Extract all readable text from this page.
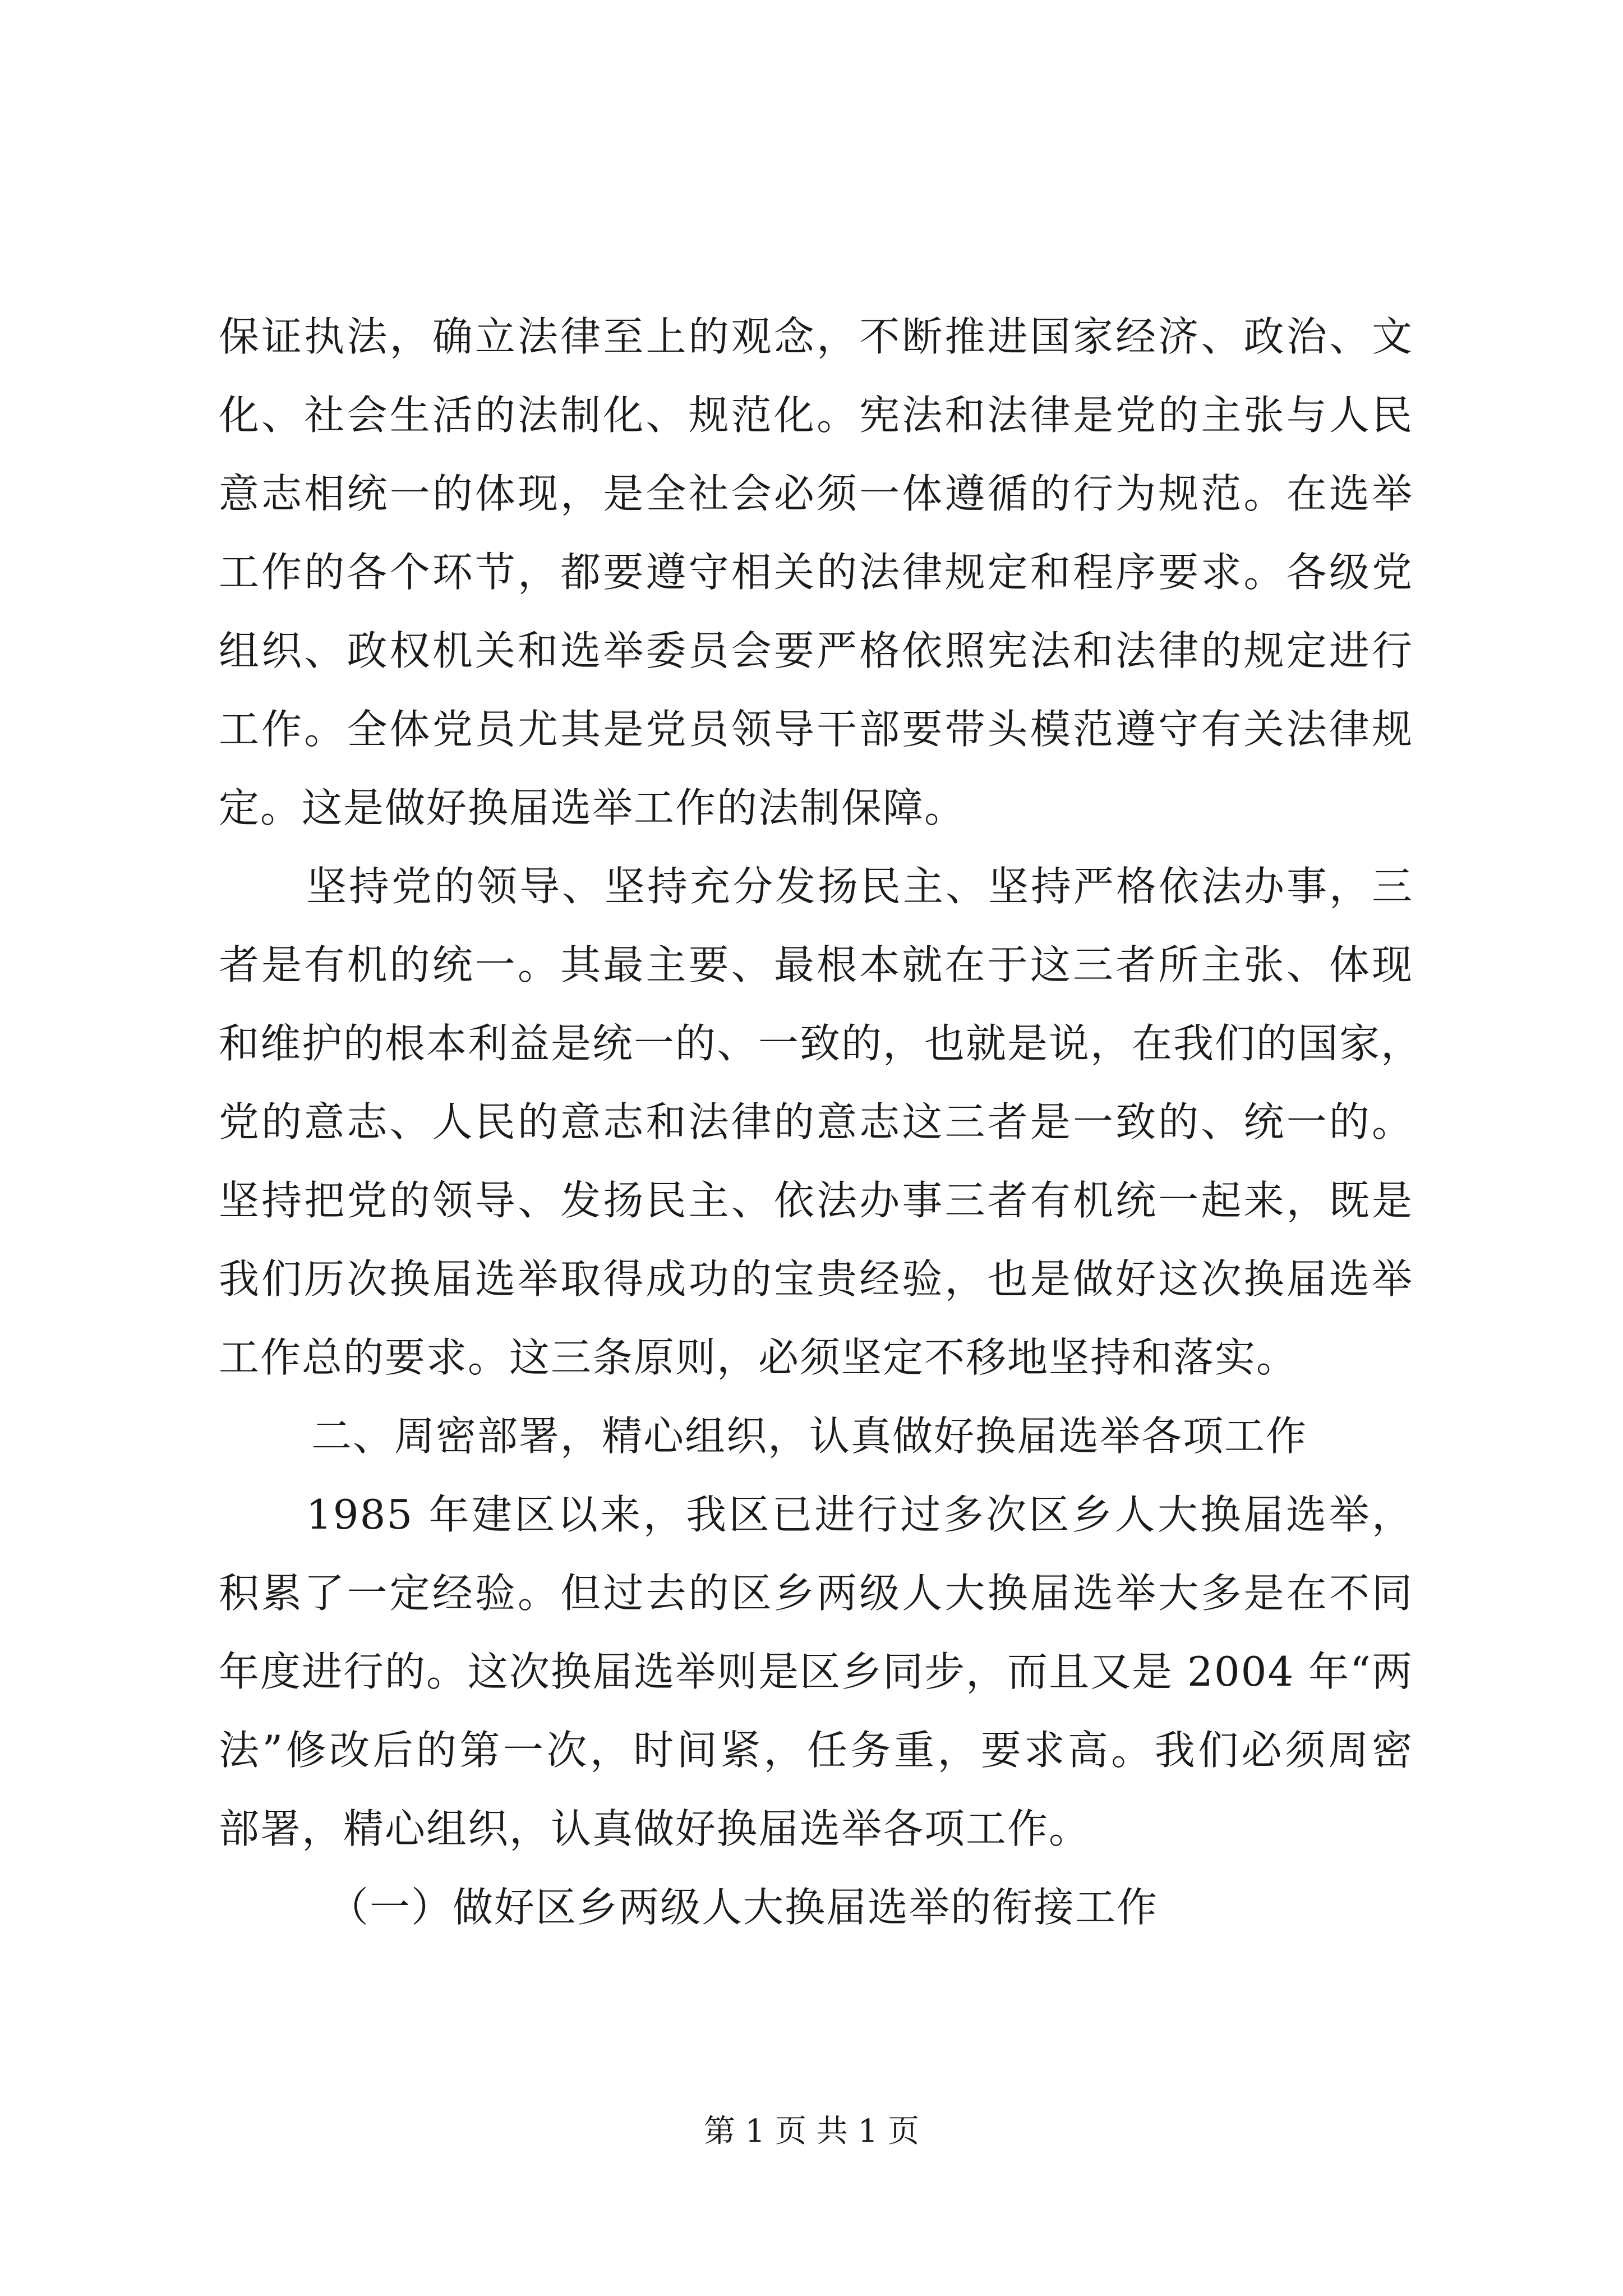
保证执法，确立法律至上的观念，不断推进国家经济、政治、文
化、社会生活的法制化、规范化。宪法和法律是党的主张与人民
意志相统一的体现，是全社会必须一体遵循的行为规范。在选举
工作的各个环节，都要遵守相关的法律规定和程序要求。各级党
组织、政权机关和选举委员会要严格依照宪法和法律的规定进行
工作。全体党员尤其是党员领导干部要带头模范遵守有关法律规
定。这是做好换届选举工作的法制保障。
坚持党的领导、坚持充分发扬民主、坚持严格依法办事，三
者是有机的统一。其最主要、最根本就在于这三者所主张、体现
和维护的根本利益是统一的、一致的，也就是说，在我们的国家，
党的意志、人民的意志和法律的意志这三者是一致的、统一的。
坚持把党的领导、发扬民主、依法办事三者有机统一起来，既是
我们历次换届选举取得成功的宝贵经验，也是做好这次换届选举
工作总的要求。这三条原则，必须坚定不移地坚持和落实。
二、周密部署，精心组织，认真做好换届选举各项工作
1985 年建区以来，我区已进行过多次区乡人大换届选举，
积累了一定经验。但过去的区乡两级人大换届选举大多是在不同
年度进行的。这次换届选举则是区乡同步，而且又是 2004 年“两
法”修改后的第一次，时间紧，任务重，要求高。我们必须周密
部署，精心组织，认真做好换届选举各项工作。
（一）做好区乡两级人大换届选举的衔接工作
第 1 页 共 1 页
